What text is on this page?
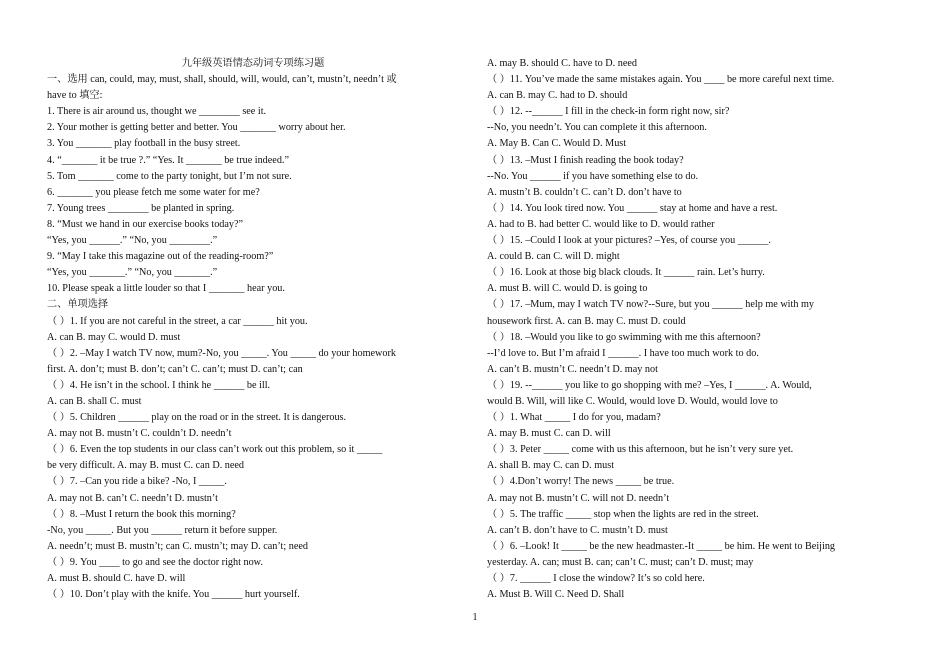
九年级英语情态动词专项练习题
一、选用 can, could, may, must, shall, should, will, would, can’t, mustn’t, needn’t 或
have to 填空:
1. There is air around us, thought we ________ see it.
2. Your mother is getting better and better. You _______ worry about her.
3. You _______ play football in the busy street.
4. “_______ it be true ?.” “Yes. It _______ be true indeed.”
5. Tom _______ come to the party tonight, but I’m not sure.
6. _______ you please fetch me some water for me?
7. Young trees ________ be planted in spring.
8. “Must we hand in our exercise books today?”
“Yes, you ______.” “No, you ________.”
9. “May I take this magazine out of the reading-room?”
“Yes, you _______.” “No, you _______.”
10. Please speak a little louder so that I _______ hear you.
二、单项选择
（ ）1. If you are not careful in the street, a car ______ hit you.
A. can B. may C. would D. must
（ ）2. –May I watch TV now, mum?-No, you _____. You _____ do your homework
first. A. don’t; must B. don’t; can’t C. can’t; must D. can’t; can
（ ）4. He isn’t in the school. I think he ______ be ill.
A. can B. shall C. must
（ ）5. Children ______ play on the road or in the street. It is dangerous.
A. may not B. mustn’t C. couldn’t D. needn’t
（ ）6. Even the top students in our class can’t work out this problem, so it _____
be very difficult. A. may B. must C. can D. need
（ ）7. –Can you ride a bike? -No, I _____.
A. may not B. can’t C. needn’t D. mustn’t
（ ）8. –Must I return the book this morning?
-No, you _____. But you ______ return it before supper.
A. needn’t; must B. mustn’t; can C. mustn’t; may D. can’t; need
（ ）9. You ____ to go and see the doctor right now.
A. must B. should C. have D. will
（ ）10. Don’t play with the knife. You ______ hurt yourself.
A. may B. should C. have to D. need
（ ）11. You’ve made the same mistakes again. You ____ be more careful next time.
A. can B. may C. had to D. should
（ ）12. --______ I fill in the check-in form right now, sir?
--No, you needn’t. You can complete it this afternoon.
A. May B. Can C. Would D. Must
（ ）13. –Must I finish reading the book today?
--No. You ______ if you have something else to do.
A. mustn’t B. couldn’t C. can’t D. don’t have to
（ ）14. You look tired now. You ______ stay at home and have a rest.
A. had to B. had better C. would like to D. would rather
（ ）15. –Could I look at your pictures? –Yes, of course you ______.
A. could B. can C. will D. might
（ ）16. Look at those big black clouds. It ______ rain. Let’s hurry.
A. must B. will C. would D. is going to
（ ）17. –Mum, may I watch TV now?--Sure, but you ______ help me with my
housework first. A. can B. may C. must D. could
（ ）18. –Would you like to go swimming with me this afternoon?
--I’d love to. But I’m afraid I ______. I have too much work to do.
A. can’t B. mustn’t C. needn’t D. may not
（ ）19. --______ you like to go shopping with me? –Yes, I ______. A. Would,
would B. Will, will like C. Would, would love D. Would, would love to
（ ）1. What _____ I do for you, madam?
A. may B. must C. can D. will
（ ）3. Peter _____ come with us this afternoon, but he isn’t very sure yet.
A. shall B. may C. can D. must
（ ）4.Don’t worry! The news _____ be true.
A. may not B. mustn’t C. will not D. needn’t
（ ）5. The traffic _____ stop when the lights are red in the street.
A. can’t B. don’t have to C. mustn’t D. must
（ ）6. –Look! It _____ be the new headmaster.-It _____ be him. He went to Beijing
yesterday. A. can; must B. can; can’t C. must; can’t D. must; may
（ ）7. ______ I close the window? It’s so cold here.
A. Must B. Will C. Need D. Shall
1
